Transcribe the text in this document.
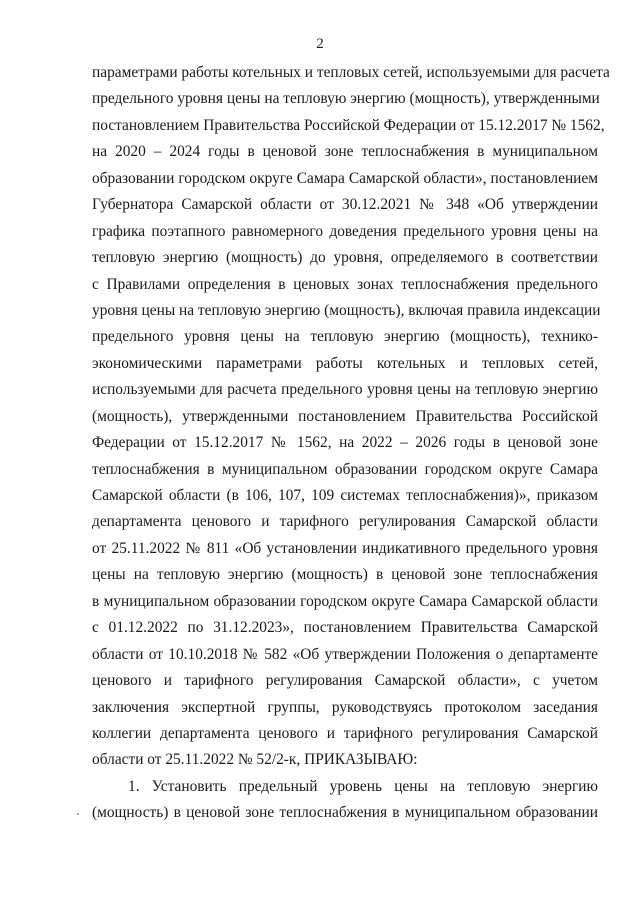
2
параметрами работы котельных и тепловых сетей, используемыми для расчета
предельного уровня цены на тепловую энергию (мощность), утвержденными
постановлением Правительства Российской Федерации от 15.12.2017 № 1562,
на 2020 – 2024 годы в ценовой зоне теплоснабжения в муниципальном
образовании городском округе Самара Самарской области», постановлением
Губернатора Самарской области от 30.12.2021 № 348 «Об утверждении
графика поэтапного равномерного доведения предельного уровня цены на
тепловую энергию (мощность) до уровня, определяемого в соответствии
с Правилами определения в ценовых зонах теплоснабжения предельного
уровня цены на тепловую энергию (мощность), включая правила индексации
предельного уровня цены на тепловую энергию (мощность), технико-
экономическими параметрами работы котельных и тепловых сетей,
используемыми для расчета предельного уровня цены на тепловую энергию
(мощность), утвержденными постановлением Правительства Российской
Федерации от 15.12.2017 № 1562, на 2022 – 2026 годы в ценовой зоне
теплоснабжения в муниципальном образовании городском округе Самара
Самарской области (в 106, 107, 109 системах теплоснабжения)», приказом
департамента ценового и тарифного регулирования Самарской области
от 25.11.2022 № 811 «Об установлении индикативного предельного уровня
цены на тепловую энергию (мощность) в ценовой зоне теплоснабжения
в муниципальном образовании городском округе Самара Самарской области
с 01.12.2022 по 31.12.2023», постановлением Правительства Самарской
области от 10.10.2018 № 582 «Об утверждении Положения о департаменте
ценового и тарифного регулирования Самарской области», с учетом
заключения экспертной группы, руководствуясь протоколом заседания
коллегии департамента ценового и тарифного регулирования Самарской
области от 25.11.2022 № 52/2-к, ПРИКАЗЫВАЮ:
1. Установить предельный уровень цены на тепловую энергию
(мощность) в ценовой зоне теплоснабжения в муниципальном образовании
